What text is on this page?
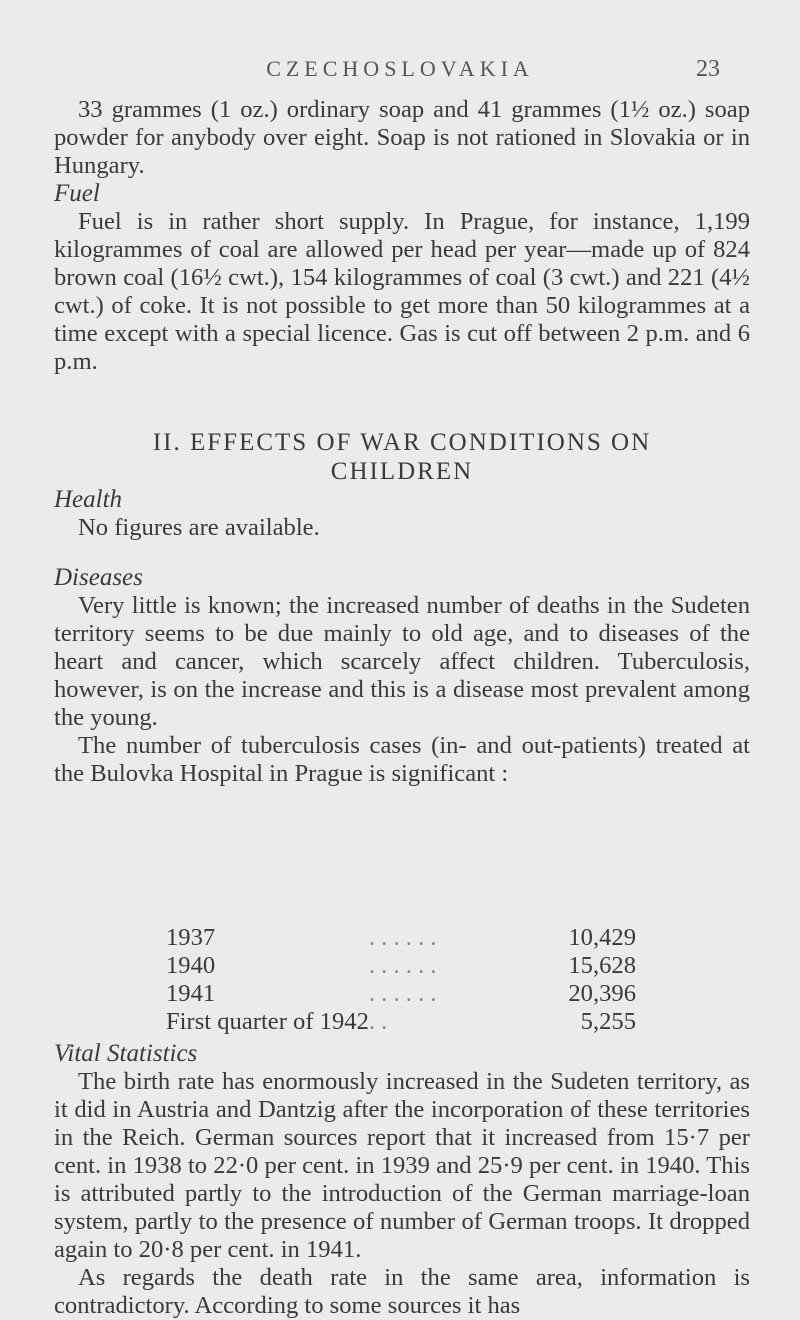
CZECHOSLOVAKIA	23

33 grammes (1 oz.) ordinary soap and 41 grammes (1½ oz.) soap powder for anybody over eight. Soap is not rationed in Slovakia or in Hungary.

Fuel

Fuel is in rather short supply. In Prague, for instance, 1,199 kilogrammes of coal are allowed per head per year—made up of 824 brown coal (16½ cwt.), 154 kilogrammes of coal (3 cwt.) and 221 (4½ cwt.) of coke. It is not possible to get more than 50 kilogrammes at a time except with a special licence. Gas is cut off between 2 p.m. and 6 p.m.

II. EFFECTS OF WAR CONDITIONS ON
CHILDREN

Health

No figures are available.

Diseases

Very little is known; the increased number of deaths in the Sudeten territory seems to be due mainly to old age, and to diseases of the heart and cancer, which scarcely affect children. Tuberculosis, however, is on the increase and this is a disease most prevalent among the young.

The number of tuberculosis cases (in- and out-patients) treated at the Bulovka Hospital in Prague is significant :

1937	. . . . . .	10,429
1940	. . . . . .	15,628
1941	. . . . . .	20,396
First quarter of 1942	. .	5,255

Vital Statistics

The birth rate has enormously increased in the Sudeten territory, as it did in Austria and Dantzig after the incorporation of these territories in the Reich. German sources report that it increased from 15·7 per cent. in 1938 to 22·0 per cent. in 1939 and 25·9 per cent. in 1940. This is attributed partly to the introduction of the German marriage-loan system, partly to the presence of number of German troops. It dropped again to 20·8 per cent. in 1941.

As regards the death rate in the same area, information is contradictory. According to some sources it has
